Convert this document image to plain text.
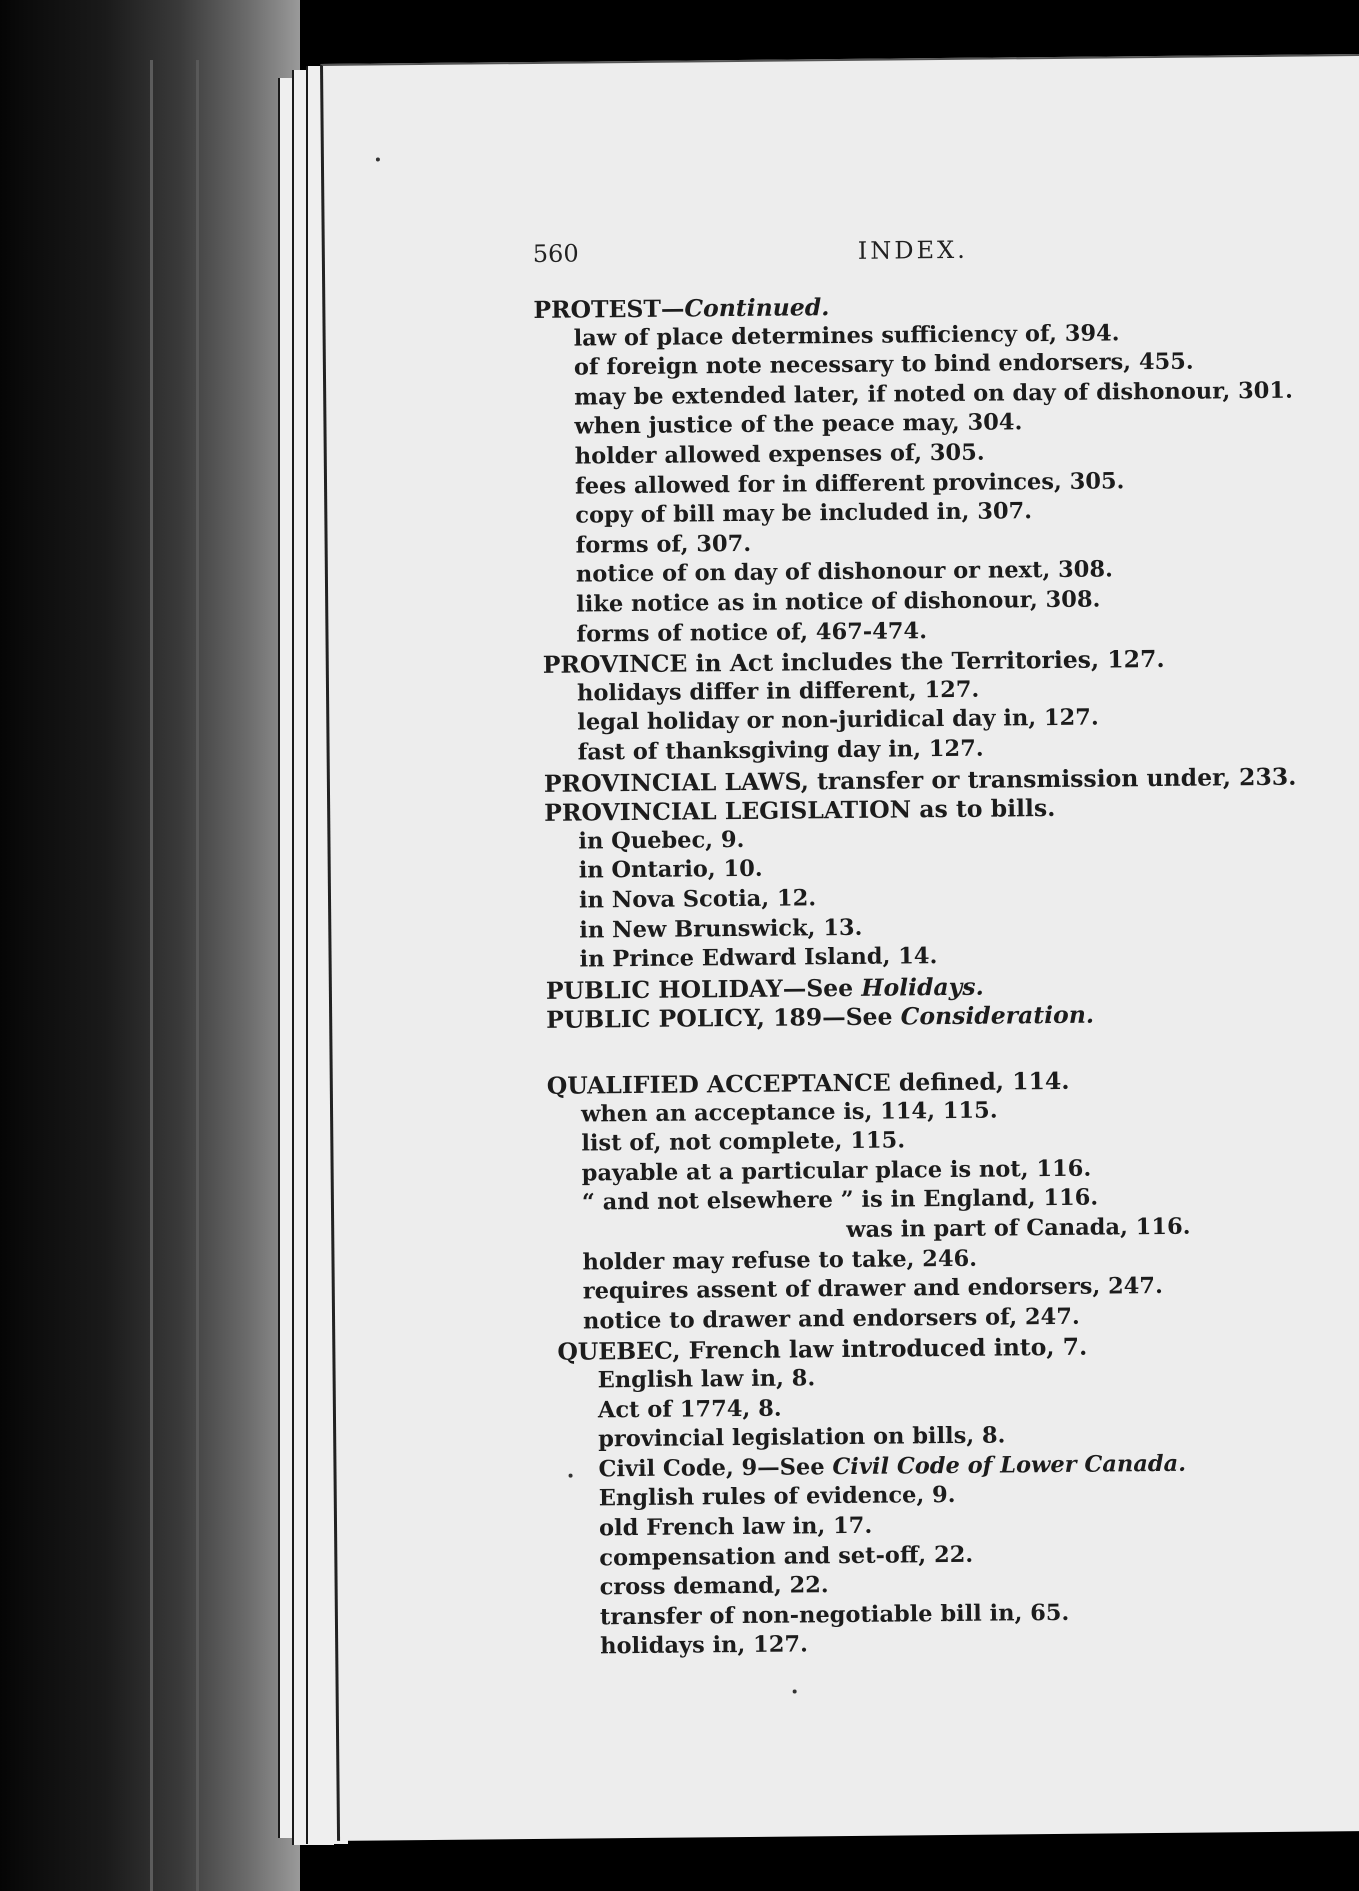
560	INDEX.
PROTEST—Continued.
law of place determines sufficiency of, 394.
of foreign note necessary to bind endorsers, 455.
may be extended later, if noted on day of dishonour, 301.
when justice of the peace may, 304.
holder allowed expenses of, 305.
fees allowed for in different provinces, 305.
copy of bill may be included in, 307.
forms of, 307.
notice of on day of dishonour or next, 308.
like notice as in notice of dishonour, 308.
forms of notice of, 467-474.
PROVINCE in Act includes the Territories, 127.
holidays differ in different, 127.
legal holiday or non-juridical day in, 127.
fast of thanksgiving day in, 127.
PROVINCIAL LAWS, transfer or transmission under, 233.
PROVINCIAL LEGISLATION as to bills.
in Quebec, 9.
in Ontario, 10.
in Nova Scotia, 12.
in New Brunswick, 13.
in Prince Edward Island, 14.
PUBLIC HOLIDAY—See Holidays.
PUBLIC POLICY, 189—See Consideration.
QUALIFIED ACCEPTANCE defined, 114.
when an acceptance is, 114, 115.
list of, not complete, 115.
payable at a particular place is not, 116.
“ and not elsewhere ” is in England, 116.
was in part of Canada, 116.
holder may refuse to take, 246.
requires assent of drawer and endorsers, 247.
notice to drawer and endorsers of, 247.
QUEBEC, French law introduced into, 7.
English law in, 8.
Act of 1774, 8.
provincial legislation on bills, 8.
Civil Code, 9—See Civil Code of Lower Canada.
English rules of evidence, 9.
old French law in, 17.
compensation and set-off, 22.
cross demand, 22.
transfer of non-negotiable bill in, 65.
holidays in, 127.
